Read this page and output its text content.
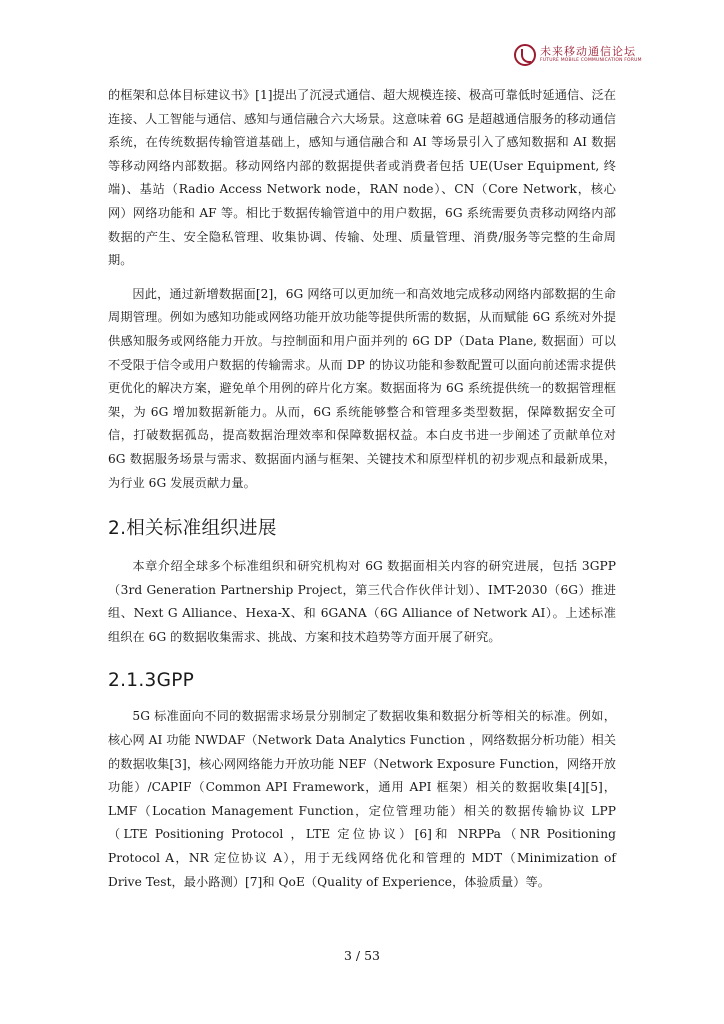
未来移动通信论坛
FUTURE MOBILE COMMUNICATION FORUM

的框架和总体目标建议书》[1]提出了沉浸式通信、超大规模连接、极高可靠低时延通信、泛在连接、人工智能与通信、感知与通信融合六大场景。这意味着 6G 是超越通信服务的移动通信系统，在传统数据传输管道基础上，感知与通信融合和 AI 等场景引入了感知数据和 AI 数据等移动网络内部数据。移动网络内部的数据提供者或消费者包括 UE(User Equipment, 终端)、基站（Radio Access Network node，RAN node）、CN（Core Network，核心网）网络功能和 AF 等。相比于数据传输管道中的用户数据，6G 系统需要负责移动网络内部数据的产生、安全隐私管理、收集协调、传输、处理、质量管理、消费/服务等完整的生命周期。

因此，通过新增数据面[2]，6G 网络可以更加统一和高效地完成移动网络内部数据的生命周期管理。例如为感知功能或网络功能开放功能等提供所需的数据，从而赋能 6G 系统对外提供感知服务或网络能力开放。与控制面和用户面并列的 6G DP（Data Plane, 数据面）可以不受限于信令或用户数据的传输需求。从而 DP 的协议功能和参数配置可以面向前述需求提供更优化的解决方案，避免单个用例的碎片化方案。数据面将为 6G 系统提供统一的数据管理框架，为 6G 增加数据新能力。从而，6G 系统能够整合和管理多类型数据，保障数据安全可信，打破数据孤岛，提高数据治理效率和保障数据权益。本白皮书进一步阐述了贡献单位对 6G 数据服务场景与需求、数据面内涵与框架、关键技术和原型样机的初步观点和最新成果，为行业 6G 发展贡献力量。

2.相关标准组织进展

本章介绍全球多个标准组织和研究机构对 6G 数据面相关内容的研究进展，包括 3GPP（3rd Generation Partnership Project，第三代合作伙伴计划）、IMT-2030（6G）推进组、Next G Alliance、Hexa-X、和 6GANA（6G Alliance of Network AI）。上述标准组织在 6G 的数据收集需求、挑战、方案和技术趋势等方面开展了研究。

2.1.3GPP

5G 标准面向不同的数据需求场景分别制定了数据收集和数据分析等相关的标准。例如，核心网 AI 功能 NWDAF（Network Data Analytics Function ，网络数据分析功能）相关的数据收集[3]，核心网网络能力开放功能 NEF（Network Exposure Function，网络开放功能）/CAPIF（Common API Framework，通用 API 框架）相关的数据收集[4][5]， LMF（Location Management Function，定位管理功能）相关的数据传输协议 LPP（LTE Positioning Protocol ，LTE 定位协议）[6]和 NRPPa（NR Positioning Protocol A，NR 定位协议 A），用于无线网络优化和管理的 MDT（Minimization of Drive Test，最小路测）[7]和 QoE（Quality of Experience，体验质量）等。

3 / 53
